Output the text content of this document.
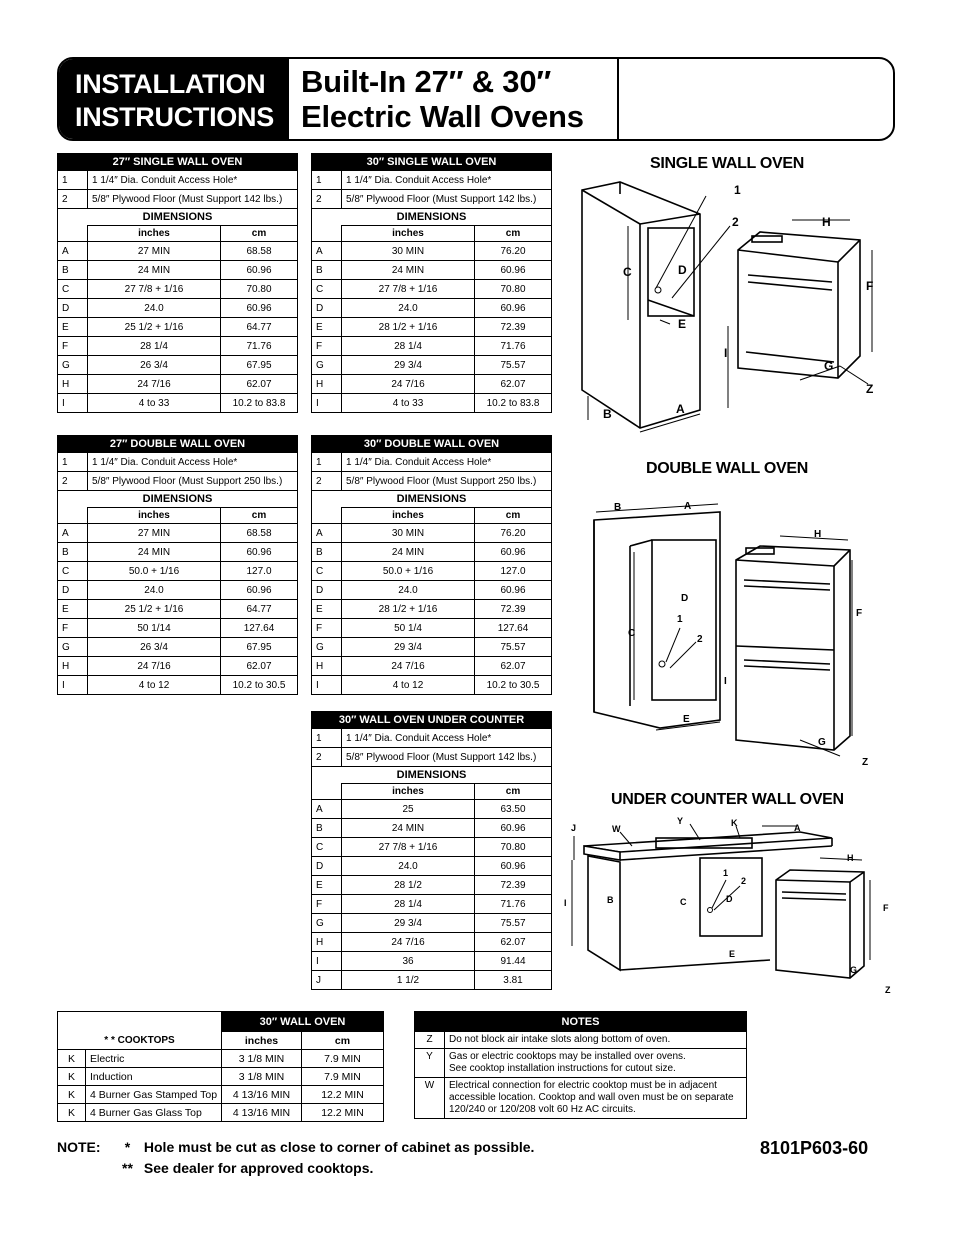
INSTALLATION
INSTRUCTIONS
Built-In 27″ & 30″
Electric Wall Ovens
27″ SINGLE WALL OVEN		
1	1 1/4″ Dia. Conduit Access Hole*	
2	5/8″ Plywood Floor (Must Support 142 lbs.)	
DIMENSIONS		
	inches	cm
A	27 MIN	68.58
B	24 MIN	60.96
C	27 7/8 + 1/16	70.80
D	24.0	60.96
E	25 1/2 + 1/16	64.77
F	28 1/4	71.76
G	26 3/4	67.95
H	24 7/16	62.07
I	4 to 33	10.2 to 83.8
30″ SINGLE WALL OVEN		
1	1 1/4″ Dia. Conduit Access Hole*	
2	5/8″ Plywood Floor (Must Support 142 lbs.)	
DIMENSIONS		
	inches	cm
A	30 MIN	76.20
B	24 MIN	60.96
C	27 7/8 + 1/16	70.80
D	24.0	60.96
E	28 1/2 + 1/16	72.39
F	28 1/4	71.76
G	29 3/4	75.57
H	24 7/16	62.07
I	4 to 33	10.2 to 83.8
27″ DOUBLE WALL OVEN		
1	1 1/4″ Dia. Conduit Access Hole*	
2	5/8″ Plywood Floor (Must Support 250 lbs.)	
DIMENSIONS		
	inches	cm
A	27 MIN	68.58
B	24 MIN	60.96
C	50.0 + 1/16	127.0
D	24.0	60.96
E	25 1/2 + 1/16	64.77
F	50 1/14	127.64
G	26 3/4	67.95
H	24 7/16	62.07
I	4 to 12	10.2 to 30.5
30″ DOUBLE WALL OVEN		
1	1 1/4″ Dia. Conduit Access Hole*	
2	5/8″ Plywood Floor (Must Support 250 lbs.)	
DIMENSIONS		
	inches	cm
A	30 MIN	76.20
B	24 MIN	60.96
C	50.0 + 1/16	127.0
D	24.0	60.96
E	28 1/2 + 1/16	72.39
F	50 1/4	127.64
G	29 3/4	75.57
H	24 7/16	62.07
I	4 to 12	10.2 to 30.5
30″ WALL OVEN UNDER COUNTER		
1	1 1/4″ Dia. Conduit Access Hole*	
2	5/8″ Plywood Floor (Must Support 142 lbs.)	
DIMENSIONS		
	inches	cm
A	25	63.50
B	24 MIN	60.96
C	27 7/8 + 1/16	70.80
D	24.0	60.96
E	28 1/2	72.39
F	28 1/4	71.76
G	29 3/4	75.57
H	24 7/16	62.07
I	36	91.44
J	1 1/2	3.81
SINGLE WALL OVEN
DOUBLE WALL OVEN
UNDER COUNTER WALL OVEN
1
2	H
C	D
F
E
I
G
Z
B	A
B	A
H
D
C
1
2
F
I
E
G
Z
J	W
Y	K	A
H
1
2
I	B	C	D
F
E
G
Z
		30″ WALL OVEN	
* * COOKTOPS		inches	cm
K	Electric	3 1/8 MIN	7.9 MIN
K	Induction	3 1/8 MIN	7.9 MIN
K	4 Burner Gas Stamped Top	4 13/16 MIN	12.2 MIN
K	4 Burner Gas Glass Top	4 13/16 MIN	12.2 MIN
NOTES	
Z	Do not block air intake slots along bottom of oven.

Y	Gas or electric cooktops may be installed over ovens.
See cooktop installation instructions for cutout size.

W	Electrical connection for electric cooktop must be in adjacent
accessible location. Cooktop and wall oven must be on separate
120/240 or 120/208 volt 60 Hz AC circuits.
NOTE: * Hole must be cut as close to corner of cabinet as possible.
** See dealer for approved cooktops.
8101P603-60
